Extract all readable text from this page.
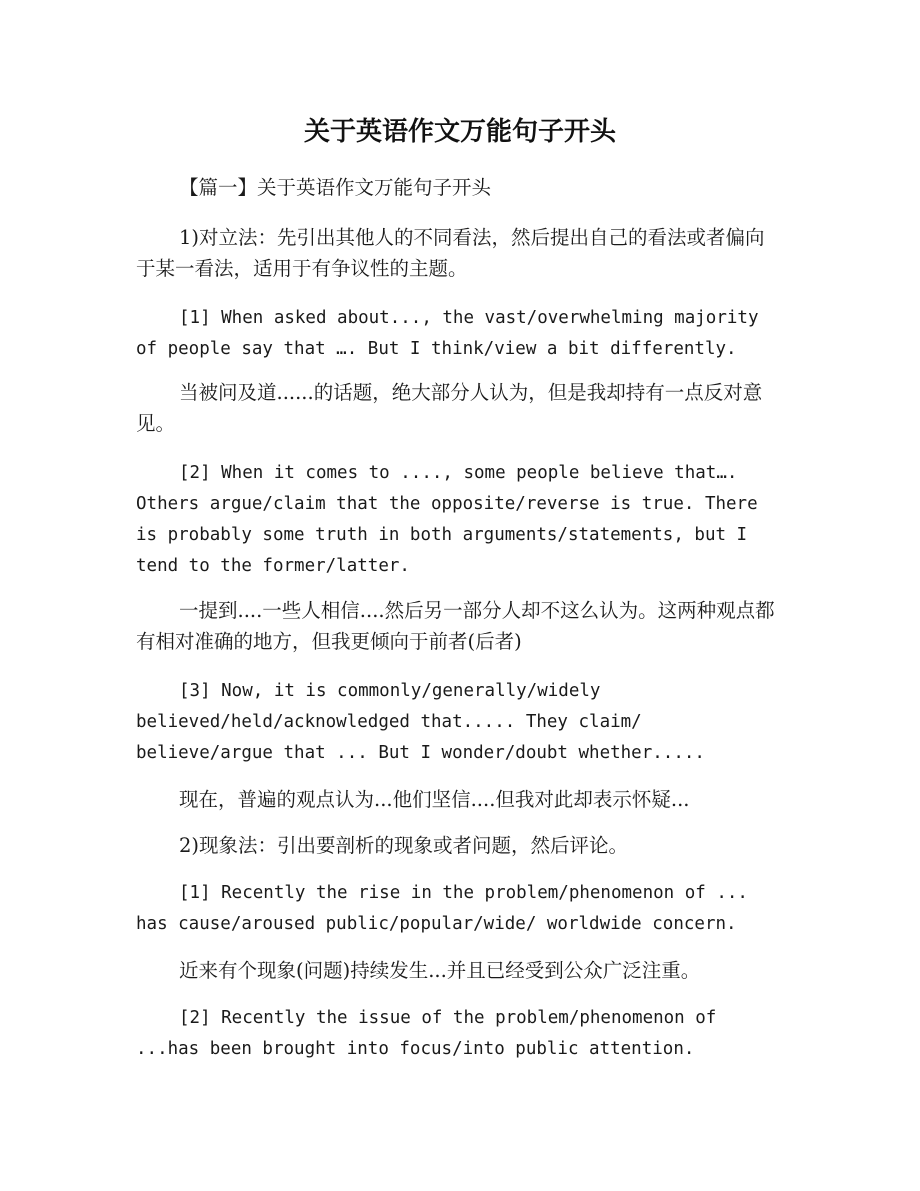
关于英语作文万能句子开头

【篇一】关于英语作文万能句子开头

1)对立法：先引出其他人的不同看法，然后提出自己的看法或者偏向于某一看法，适用于有争议性的主题。

[1] When asked about..., the vast/overwhelming majority of people say that …. But I think/view a bit differently.

当被问及道......的话题，绝大部分人认为，但是我却持有一点反对意见。

[2] When it comes to ...., some people believe that…. Others argue/claim that the opposite/reverse is true. There is probably some truth in both arguments/statements, but I tend to the former/latter.

一提到....一些人相信....然后另一部分人却不这么认为。这两种观点都有相对准确的地方，但我更倾向于前者(后者)

[3] Now, it is commonly/generally/widely believed/held/acknowledged that..... They claim/ believe/argue that ... But I wonder/doubt whether.....

现在，普遍的观点认为...他们坚信....但我对此却表示怀疑...

2)现象法：引出要剖析的现象或者问题，然后评论。

[1] Recently the rise in the problem/phenomenon of ... has cause/aroused public/popular/wide/ worldwide concern.

近来有个现象(问题)持续发生...并且已经受到公众广泛注重。

[2] Recently the issue of the problem/phenomenon of ...has been brought into focus/into public attention.
